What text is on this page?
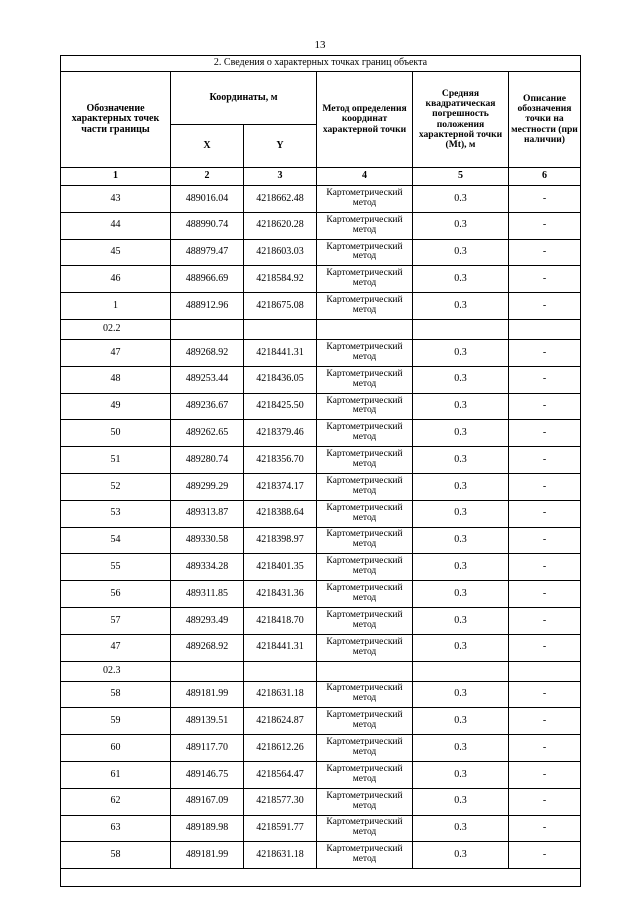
13
2. Сведения о характерных точках границ объекта					
Обозначение характерных точек части границы	Координаты, м		Метод определения координат характерной точки	Средняя квадратическая погрешность положения характерной точки (Mt), м	Описание обозначения точки на местности (при наличии)
	X	Y			
1	2	3	4	5	6
43	489016.04	4218662.48	Картометрический метод	0.3	-
44	488990.74	4218620.28	Картометрический метод	0.3	-
45	488979.47	4218603.03	Картометрический метод	0.3	-
46	488966.69	4218584.92	Картометрический метод	0.3	-
1	488912.96	4218675.08	Картометрический метод	0.3	-
02.2					
47	489268.92	4218441.31	Картометрический метод	0.3	-
48	489253.44	4218436.05	Картометрический метод	0.3	-
49	489236.67	4218425.50	Картометрический метод	0.3	-
50	489262.65	4218379.46	Картометрический метод	0.3	-
51	489280.74	4218356.70	Картометрический метод	0.3	-
52	489299.29	4218374.17	Картометрический метод	0.3	-
53	489313.87	4218388.64	Картометрический метод	0.3	-
54	489330.58	4218398.97	Картометрический метод	0.3	-
55	489334.28	4218401.35	Картометрический метод	0.3	-
56	489311.85	4218431.36	Картометрический метод	0.3	-
57	489293.49	4218418.70	Картометрический метод	0.3	-
47	489268.92	4218441.31	Картометрический метод	0.3	-
02.3					
58	489181.99	4218631.18	Картометрический метод	0.3	-
59	489139.51	4218624.87	Картометрический метод	0.3	-
60	489117.70	4218612.26	Картометрический метод	0.3	-
61	489146.75	4218564.47	Картометрический метод	0.3	-
62	489167.09	4218577.30	Картометрический метод	0.3	-
63	489189.98	4218591.77	Картометрический метод	0.3	-
58	489181.99	4218631.18	Картометрический метод	0.3	-
